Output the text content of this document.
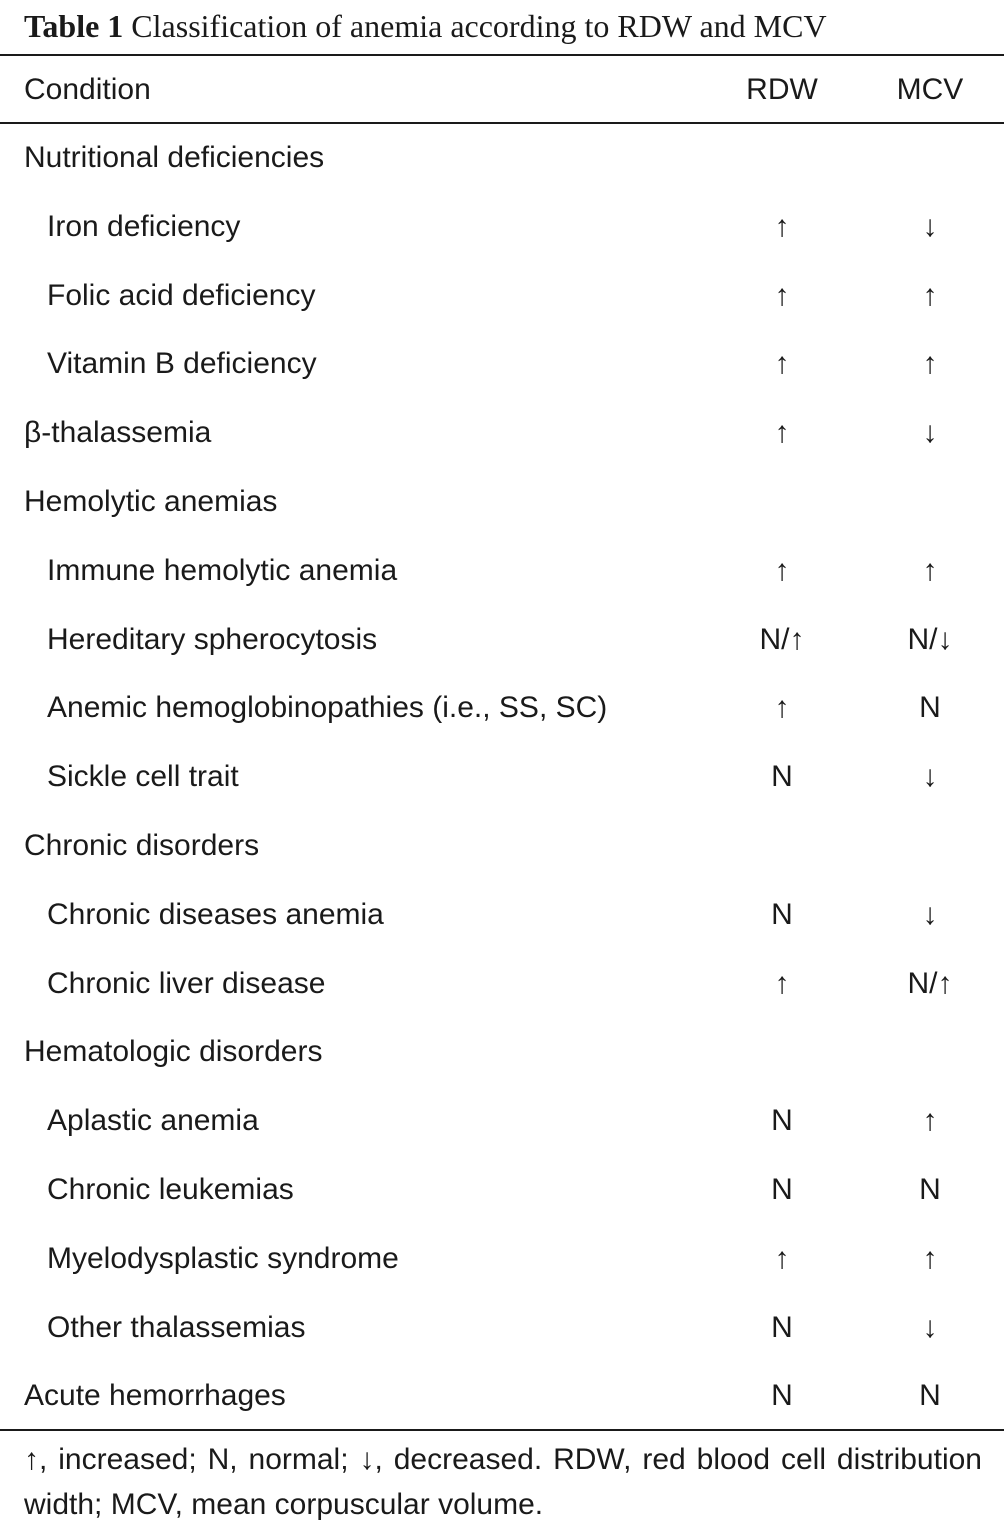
Table 1 Classification of anemia according to RDW and MCV
Condition	RDW	MCV
Nutritional deficiencies
Iron deficiency	↑	↓
Folic acid deficiency	↑	↑
Vitamin B deficiency	↑	↑
β-thalassemia	↑	↓
Hemolytic anemias
Immune hemolytic anemia	↑	↑
Hereditary spherocytosis	N/↑	N/↓
Anemic hemoglobinopathies (i.e., SS, SC)	↑	N
Sickle cell trait	N	↓
Chronic disorders
Chronic diseases anemia	N	↓
Chronic liver disease	↑	N/↑
Hematologic disorders
Aplastic anemia	N	↑
Chronic leukemias	N	N
Myelodysplastic syndrome	↑	↑
Other thalassemias	N	↓
Acute hemorrhages	N	N
↑, increased; N, normal; ↓, decreased. RDW, red blood cell distribution width; MCV, mean corpuscular volume.
